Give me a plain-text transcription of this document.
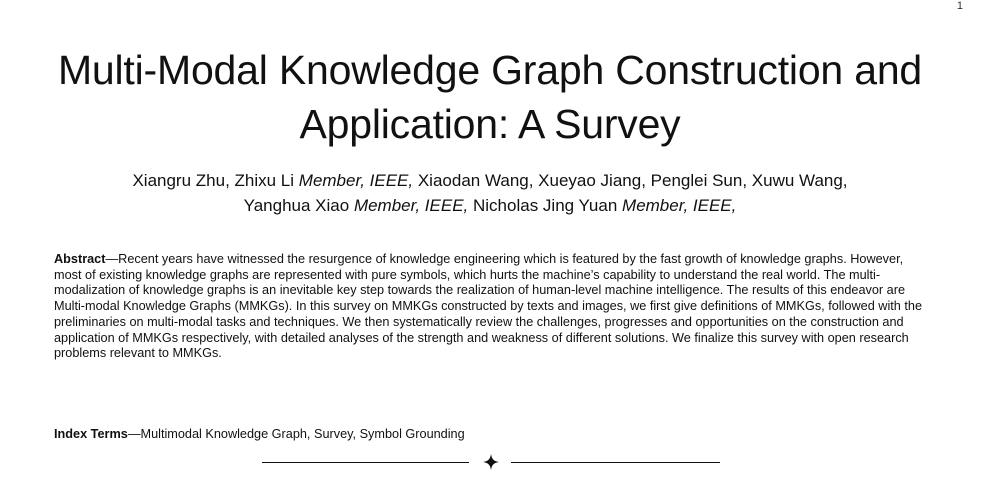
1
Multi-Modal Knowledge Graph Construction and
Application: A Survey
Xiangru Zhu, Zhixu Li Member, IEEE, Xiaodan Wang, Xueyao Jiang, Penglei Sun, Xuwu Wang,
Yanghua Xiao Member, IEEE, Nicholas Jing Yuan Member, IEEE,

Abstract—Recent years have witnessed the resurgence of knowledge engineering which is featured by the fast growth of knowledge graphs. However, most of existing knowledge graphs are represented with pure symbols, which hurts the machine’s capability to understand the real world. The multi-modalization of knowledge graphs is an inevitable key step towards the realization of human-level machine intelligence. The results of this endeavor are Multi-modal Knowledge Graphs (MMKGs). In this survey on MMKGs constructed by texts and images, we first give definitions of MMKGs, followed with the preliminaries on multi-modal tasks and techniques. We then systematically review the challenges, progresses and opportunities on the construction and application of MMKGs respectively, with detailed analyses of the strength and weakness of different solutions. We finalize this survey with open research problems relevant to MMKGs.

Index Terms—Multimodal Knowledge Graph, Survey, Symbol Grounding
